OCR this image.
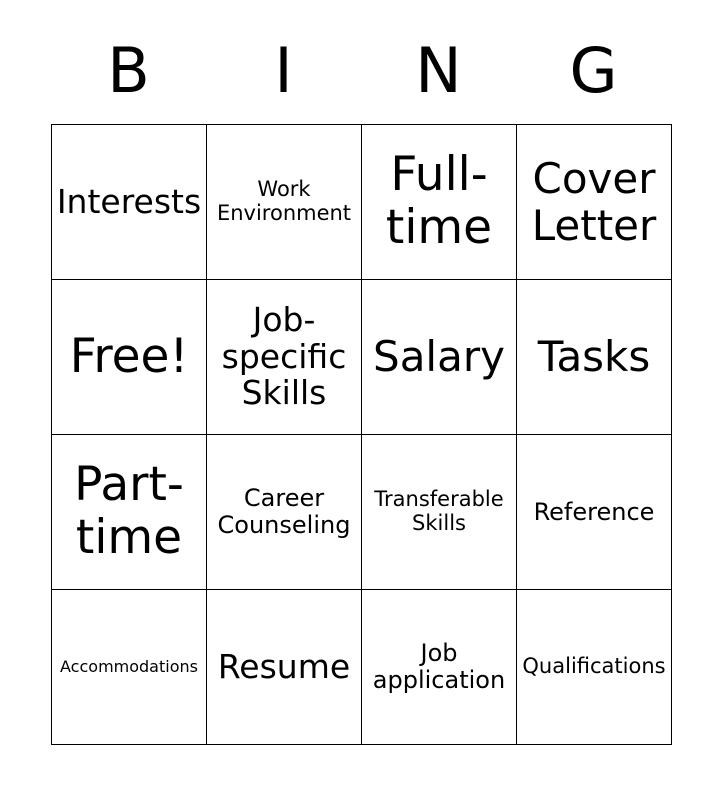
B	I	N	G
Interests	Work Environment	Full-time	Cover Letter

Free!	Job-specific Skills	Salary	Tasks

Part-time	Career Counseling	Transferable Skills	Reference

Accommodations	Resume	Job application	Qualifications
